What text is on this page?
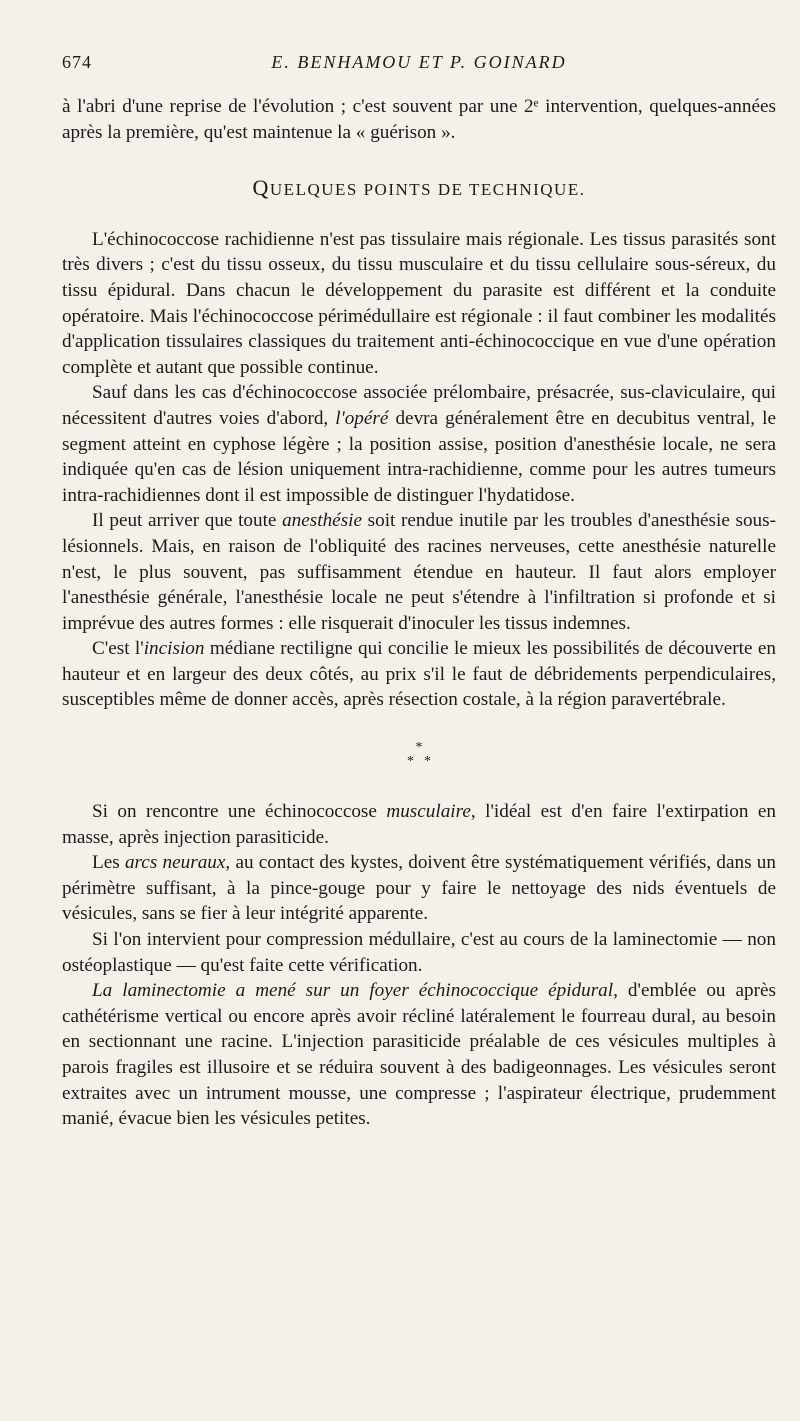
674	E. BENHAMOU ET P. GOINARD

à l'abri d'une reprise de l'évolution ; c'est souvent par une 2ᵉ intervention, quelques-années après la première, qu'est maintenue la « guérison ».

QUELQUES POINTS DE TECHNIQUE.

L'échinococcose rachidienne n'est pas tissulaire mais régionale. Les tissus parasités sont très divers ; c'est du tissu osseux, du tissu musculaire et du tissu cellulaire sous-séreux, du tissu épidural. Dans chacun le développement du parasite est différent et la conduite opératoire. Mais l'échinococcose périmédullaire est régionale : il faut combiner les modalités d'application tissulaires classiques du traitement anti-échinococcique en vue d'une opération complète et autant que possible continue.

Sauf dans les cas d'échinococcose associée prélombaire, présacrée, sus-claviculaire, qui nécessitent d'autres voies d'abord, l'opéré devra généralement être en decubitus ventral, le segment atteint en cyphose légère ; la position assise, position d'anesthésie locale, ne sera indiquée qu'en cas de lésion uniquement intra-rachidienne, comme pour les autres tumeurs intra-rachidiennes dont il est impossible de distinguer l'hydatidose.

Il peut arriver que toute anesthésie soit rendue inutile par les troubles d'anesthésie sous-lésionnels. Mais, en raison de l'obliquité des racines nerveuses, cette anesthésie naturelle n'est, le plus souvent, pas suffisamment étendue en hauteur. Il faut alors employer l'anesthésie générale, l'anesthésie locale ne peut s'étendre à l'infiltration si profonde et si imprévue des autres formes : elle risquerait d'inoculer les tissus indemnes.

C'est l'incision médiane rectiligne qui concilie le mieux les possibilités de découverte en hauteur et en largeur des deux côtés, au prix s'il le faut de débridements perpendiculaires, susceptibles même de donner accès, après résection costale, à la région paravertébrale.

*
**

Si on rencontre une échinococcose musculaire, l'idéal est d'en faire l'extirpation en masse, après injection parasiticide.

Les arcs neuraux, au contact des kystes, doivent être systématiquement vérifiés, dans un périmètre suffisant, à la pince-gouge pour y faire le nettoyage des nids éventuels de vésicules, sans se fier à leur intégrité apparente.

Si l'on intervient pour compression médullaire, c'est au cours de la laminectomie — non ostéoplastique — qu'est faite cette vérification.

La laminectomie a mené sur un foyer échinococcique épidural, d'emblée ou après cathétérisme vertical ou encore après avoir récliné latéralement le fourreau dural, au besoin en sectionnant une racine. L'injection parasiticide préalable de ces vésicules multiples à parois fragiles est illusoire et se réduira souvent à des badigeonnages. Les vésicules seront extraites avec un intrument mousse, une compresse ; l'aspirateur électrique, prudemment manié, évacue bien les vésicules petites.
